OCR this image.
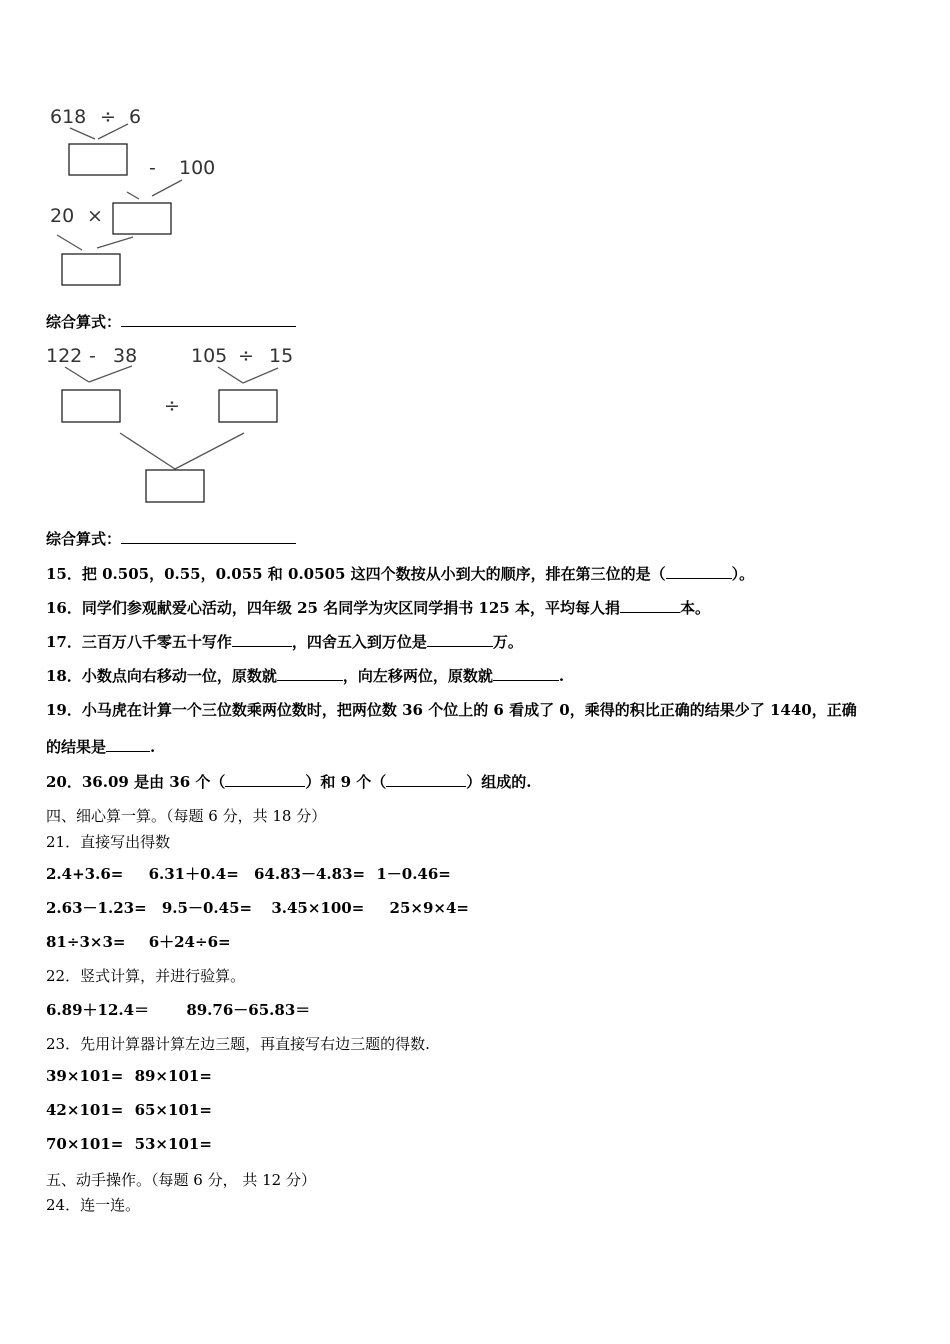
618 ÷ 6
- 100
20 ×
综合算式：
122 - 38	105 ÷ 15
÷
综合算式：
15．把 0.505，0.55，0.055 和 0.0505 这四个数按从小到大的顺序，排在第三位的是（	）。
16．同学们参观献爱心活动，四年级 25 名同学为灾区同学捐书 125 本，平均每人捐	本。
17．三百万八千零五十写作	，四舍五入到万位是	万。
18．小数点向右移动一位，原数就	，向左移两位，原数就	.
19．小马虎在计算一个三位数乘两位数时，把两位数 36 个位上的 6 看成了 0，乘得的积比正确的结果少了 1440，正确
的结果是	.
20．36.09 是由 36 个（	）和 9 个（	）组成的.
四、细心算一算。（每题 6 分，共 18 分）
21．直接写出得数
2.4+3.6= 6.31＋0.4= 64.83－4.83= 1－0.46=
2.63－1.23= 9.5－0.45= 3.45×100= 25×9×4=
81÷3×3= 6＋24÷6=
22．竖式计算，并进行验算。
6.89＋12.4＝ 89.76－65.83＝
23．先用计算器计算左边三题，再直接写右边三题的得数.
39×101= 89×101=
42×101= 65×101=
70×101= 53×101=
五、动手操作。（每题 6 分， 共 12 分）
24．连一连。
